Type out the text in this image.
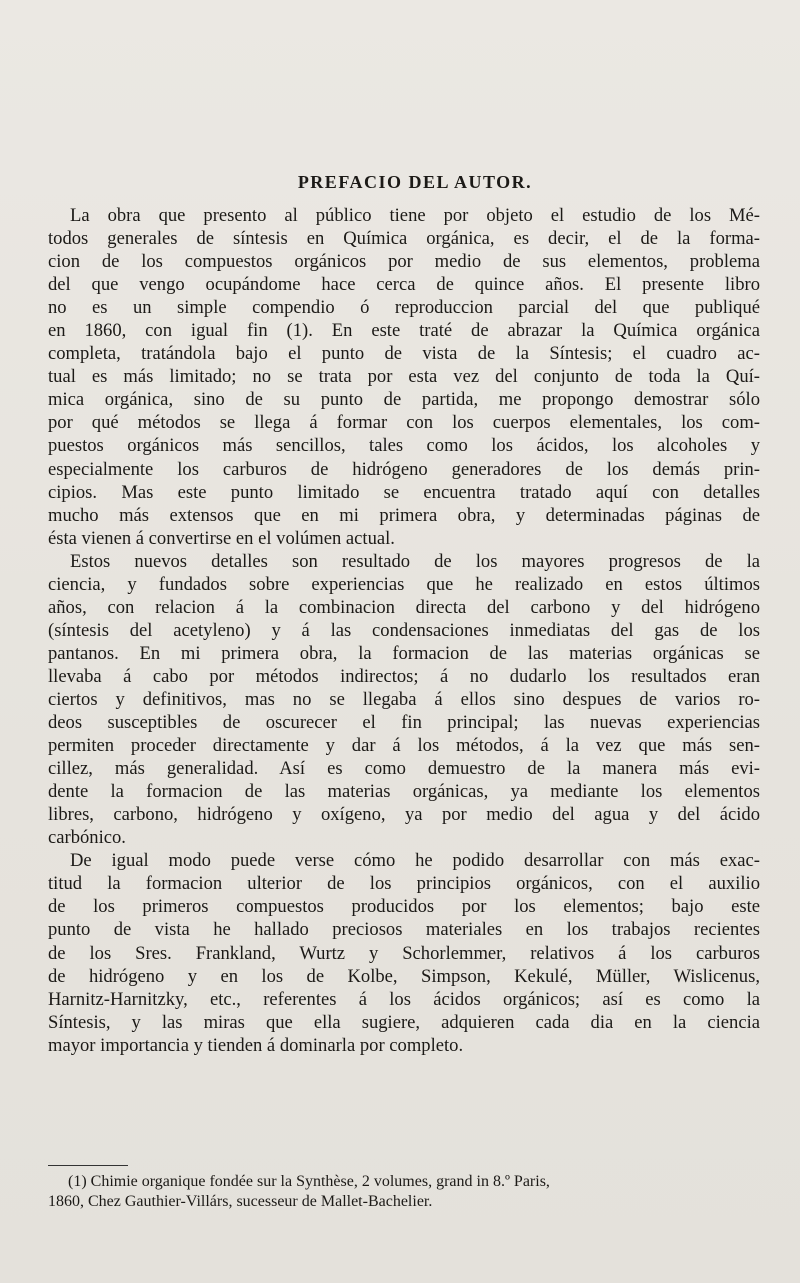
PREFACIO DEL AUTOR.
La obra que presento al público tiene por objeto el estudio de los Mé-
todos generales de síntesis en Química orgánica, es decir, el de la forma-
cion de los compuestos orgánicos por medio de sus elementos, problema
del que vengo ocupándome hace cerca de quince años. El presente libro
no es un simple compendio ó reproduccion parcial del que publiqué
en 1860, con igual fin (1). En este traté de abrazar la Química orgánica
completa, tratándola bajo el punto de vista de la Síntesis; el cuadro ac-
tual es más limitado; no se trata por esta vez del conjunto de toda la Quí-
mica orgánica, sino de su punto de partida, me propongo demostrar sólo
por qué métodos se llega á formar con los cuerpos elementales, los com-
puestos orgánicos más sencillos, tales como los ácidos, los alcoholes y
especialmente los carburos de hidrógeno generadores de los demás prin-
cipios. Mas este punto limitado se encuentra tratado aquí con detalles
mucho más extensos que en mi primera obra, y determinadas páginas de
ésta vienen á convertirse en el volúmen actual.
Estos nuevos detalles son resultado de los mayores progresos de la
ciencia, y fundados sobre experiencias que he realizado en estos últimos
años, con relacion á la combinacion directa del carbono y del hidrógeno
(síntesis del acetyleno) y á las condensaciones inmediatas del gas de los
pantanos. En mi primera obra, la formacion de las materias orgánicas se
llevaba á cabo por métodos indirectos; á no dudarlo los resultados eran
ciertos y definitivos, mas no se llegaba á ellos sino despues de varios ro-
deos susceptibles de oscurecer el fin principal; las nuevas experiencias
permiten proceder directamente y dar á los métodos, á la vez que más sen-
cillez, más generalidad. Así es como demuestro de la manera más evi-
dente la formacion de las materias orgánicas, ya mediante los elementos
libres, carbono, hidrógeno y oxígeno, ya por medio del agua y del ácido
carbónico.
De igual modo puede verse cómo he podido desarrollar con más exac-
titud la formacion ulterior de los principios orgánicos, con el auxilio
de los primeros compuestos producidos por los elementos; bajo este
punto de vista he hallado preciosos materiales en los trabajos recientes
de los Sres. Frankland, Wurtz y Schorlemmer, relativos á los carburos
de hidrógeno y en los de Kolbe, Simpson, Kekulé, Müller, Wislicenus,
Harnitz-Harnitzky, etc., referentes á los ácidos orgánicos; así es como la
Síntesis, y las miras que ella sugiere, adquieren cada dia en la ciencia
mayor importancia y tienden á dominarla por completo.
(1) Chimie organique fondée sur la Synthèse, 2 volumes, grand in 8.º Paris,
1860, Chez Gauthier-Villárs, sucesseur de Mallet-Bachelier.
